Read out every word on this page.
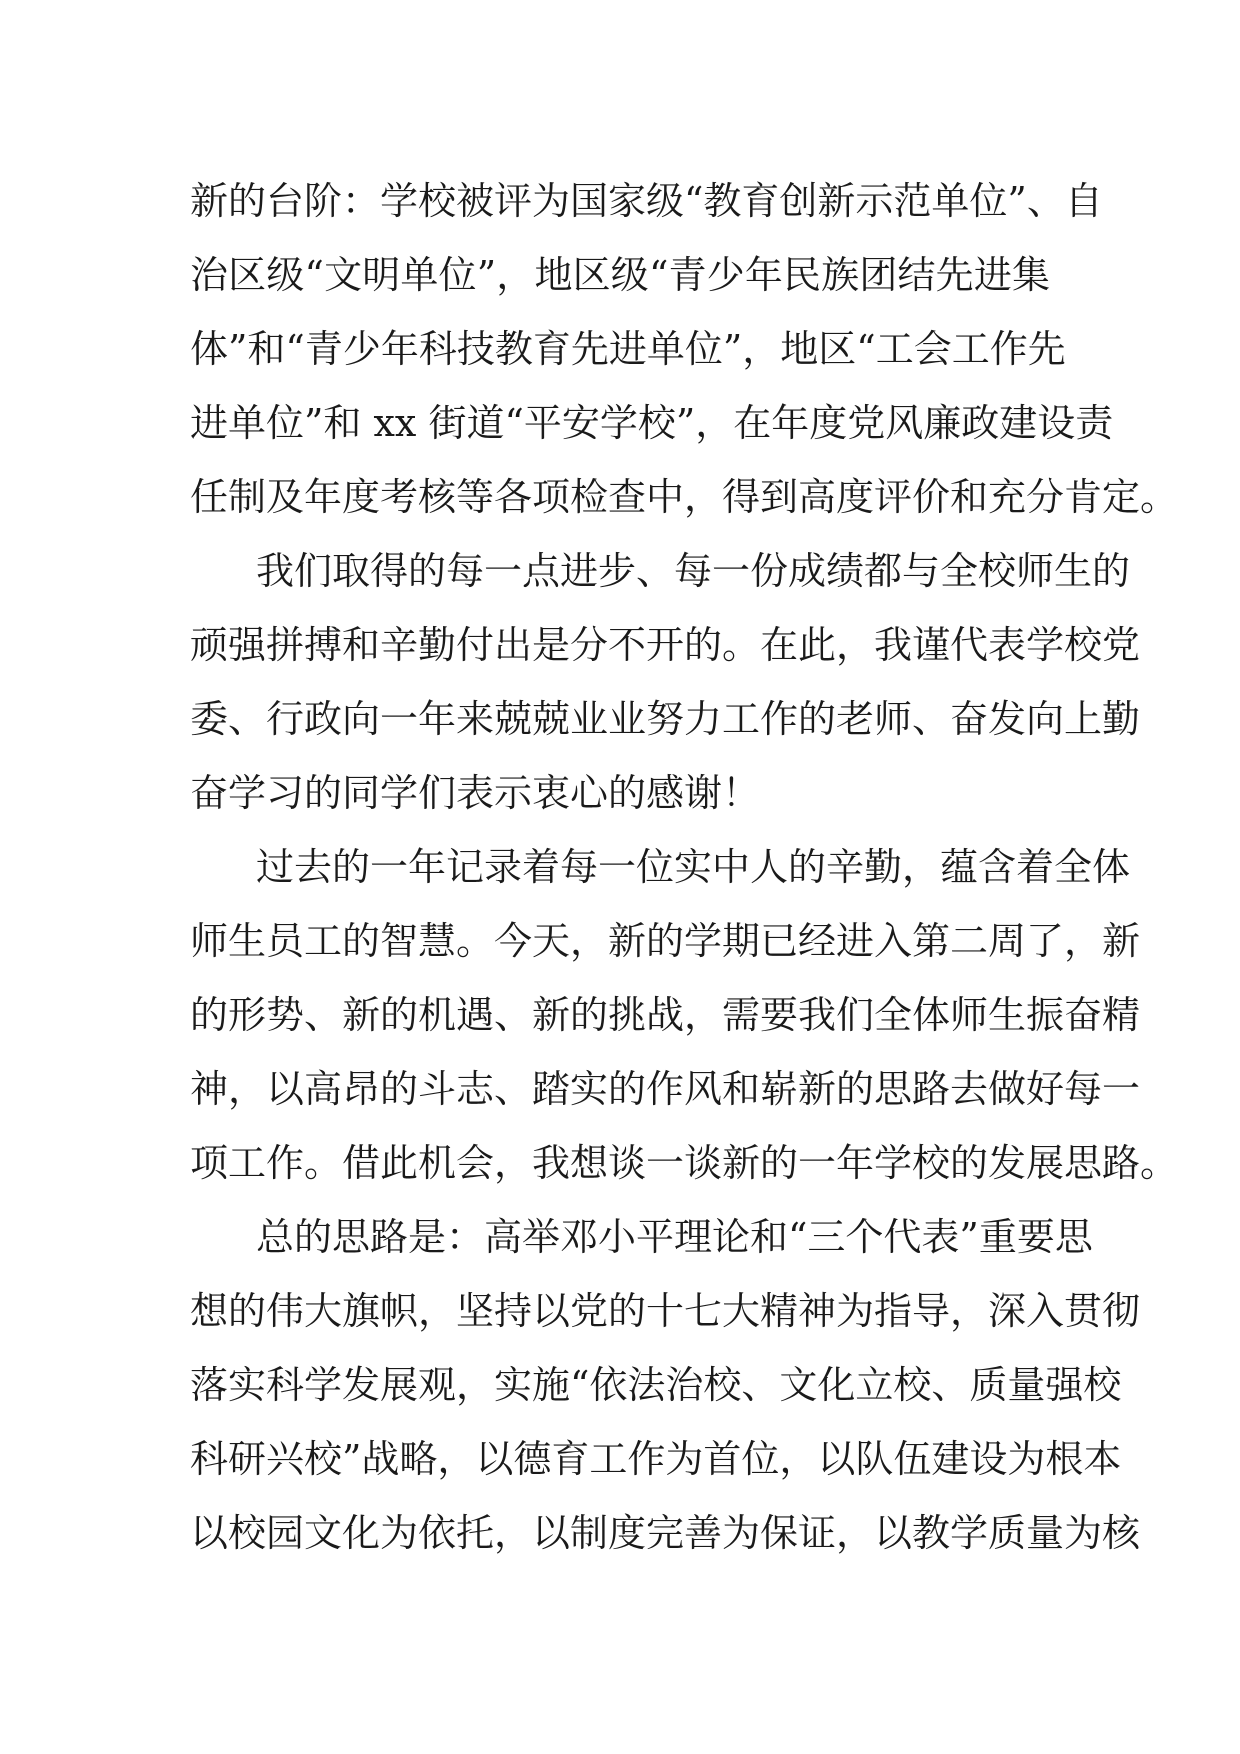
新的台阶：学校被评为国家级“教育创新示范单位”、自
治区级“文明单位”，地区级“青少年民族团结先进集
体”和“青少年科技教育先进单位”，地区“工会工作先
进单位”和 xx 街道“平安学校”，在年度党风廉政建设责
任制及年度考核等各项检查中，得到高度评价和充分肯定。
我们取得的每一点进步、每一份成绩都与全校师生的
顽强拼搏和辛勤付出是分不开的。在此，我谨代表学校党
委、行政向一年来兢兢业业努力工作的老师、奋发向上勤
奋学习的同学们表示衷心的感谢！
过去的一年记录着每一位实中人的辛勤，蕴含着全体
师生员工的智慧。今天，新的学期已经进入第二周了，新
的形势、新的机遇、新的挑战，需要我们全体师生振奋精
神，以高昂的斗志、踏实的作风和崭新的思路去做好每一
项工作。借此机会，我想谈一谈新的一年学校的发展思路。
总的思路是：高举邓小平理论和“三个代表”重要思
想的伟大旗帜，坚持以党的十七大精神为指导，深入贯彻
落实科学发展观，实施“依法治校、文化立校、质量强校
科研兴校”战略，以德育工作为首位，以队伍建设为根本
以校园文化为依托，以制度完善为保证，以教学质量为核
